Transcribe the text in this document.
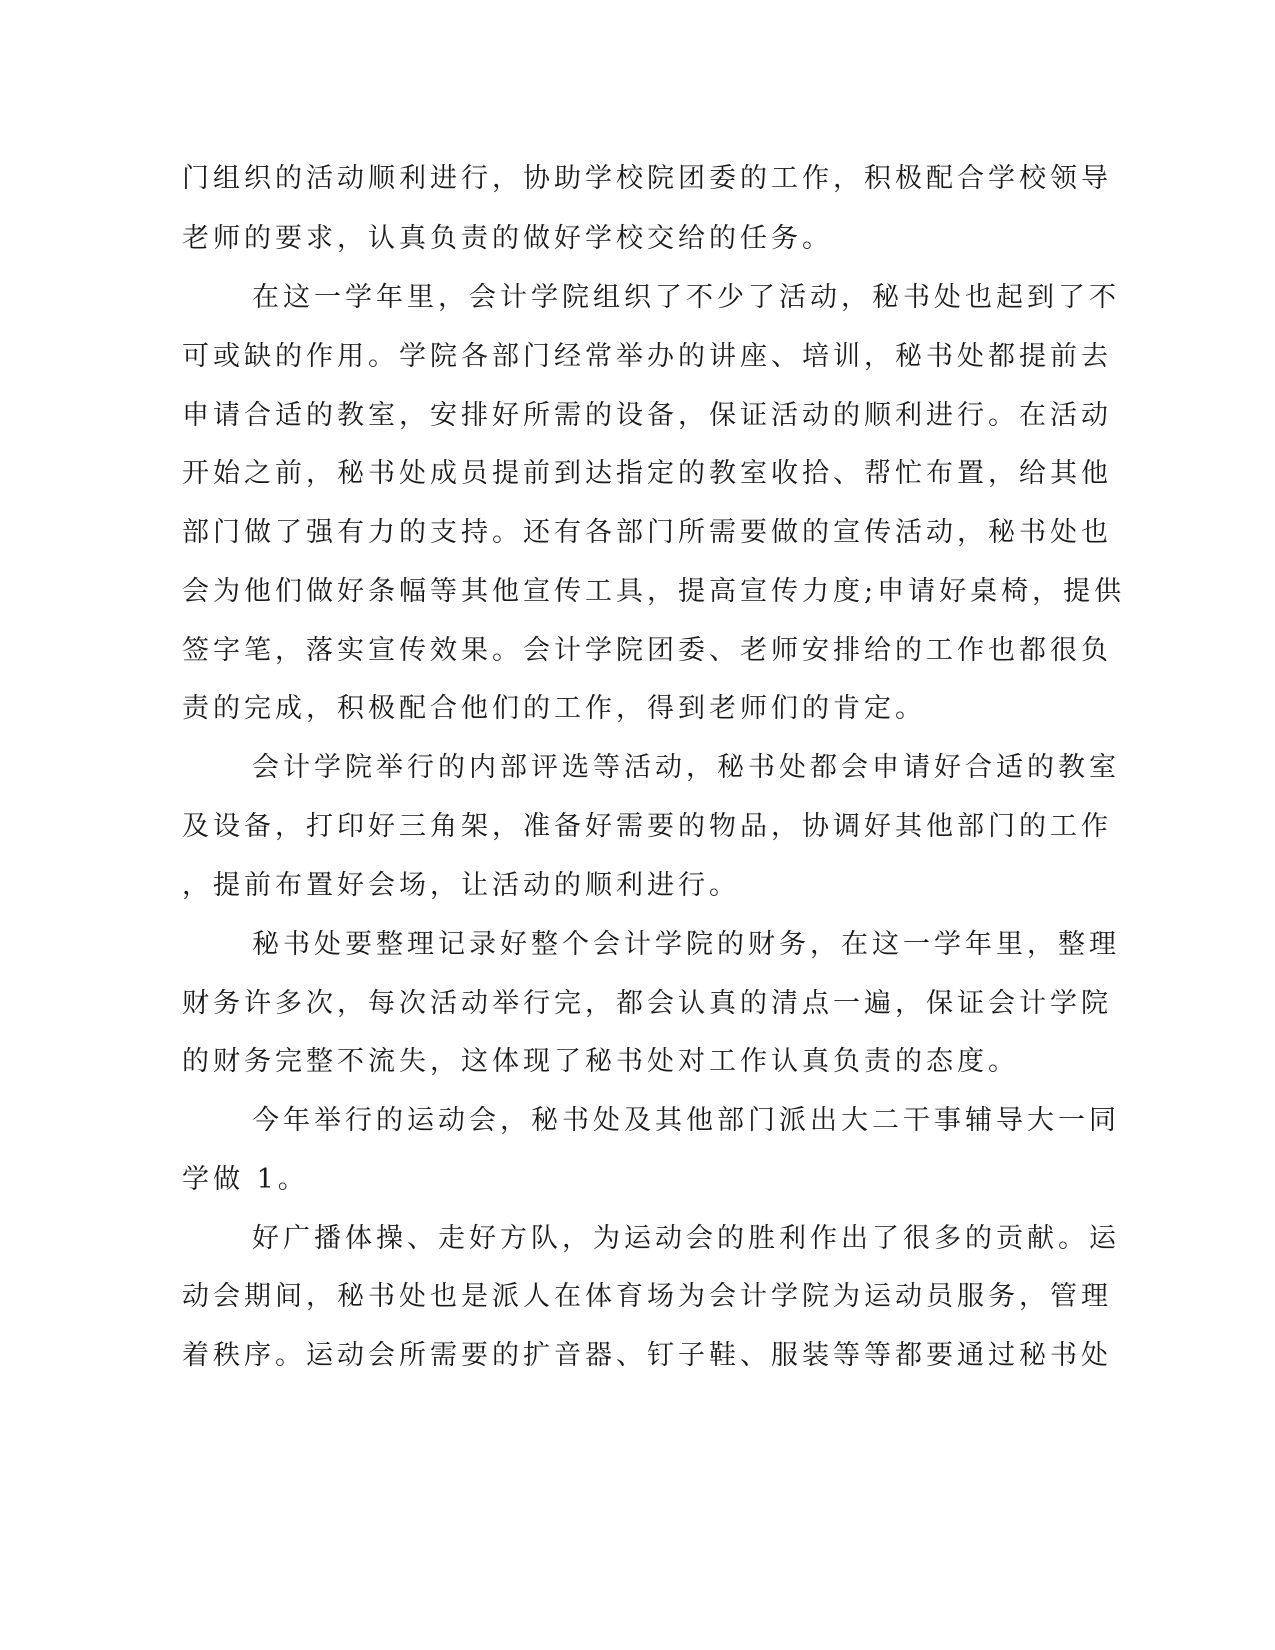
门组织的活动顺利进行，协助学校院团委的工作，积极配合学校领导

老师的要求，认真负责的做好学校交给的任务。

在这一学年里，会计学院组织了不少了活动，秘书处也起到了不

可或缺的作用。学院各部门经常举办的讲座、培训，秘书处都提前去

申请合适的教室，安排好所需的设备，保证活动的顺利进行。在活动

开始之前，秘书处成员提前到达指定的教室收拾、帮忙布置，给其他

部门做了强有力的支持。还有各部门所需要做的宣传活动，秘书处也

会为他们做好条幅等其他宣传工具，提高宣传力度;申请好桌椅，提供

签字笔，落实宣传效果。会计学院团委、老师安排给的工作也都很负

责的完成，积极配合他们的工作，得到老师们的肯定。

会计学院举行的内部评选等活动，秘书处都会申请好合适的教室

及设备，打印好三角架，准备好需要的物品，协调好其他部门的工作

，提前布置好会场，让活动的顺利进行。

秘书处要整理记录好整个会计学院的财务，在这一学年里，整理

财务许多次，每次活动举行完，都会认真的清点一遍，保证会计学院

的财务完整不流失，这体现了秘书处对工作认真负责的态度。

今年举行的运动会，秘书处及其他部门派出大二干事辅导大一同

学做 1。

好广播体操、走好方队，为运动会的胜利作出了很多的贡献。运

动会期间，秘书处也是派人在体育场为会计学院为运动员服务，管理

着秩序。运动会所需要的扩音器、钉子鞋、服装等等都要通过秘书处
